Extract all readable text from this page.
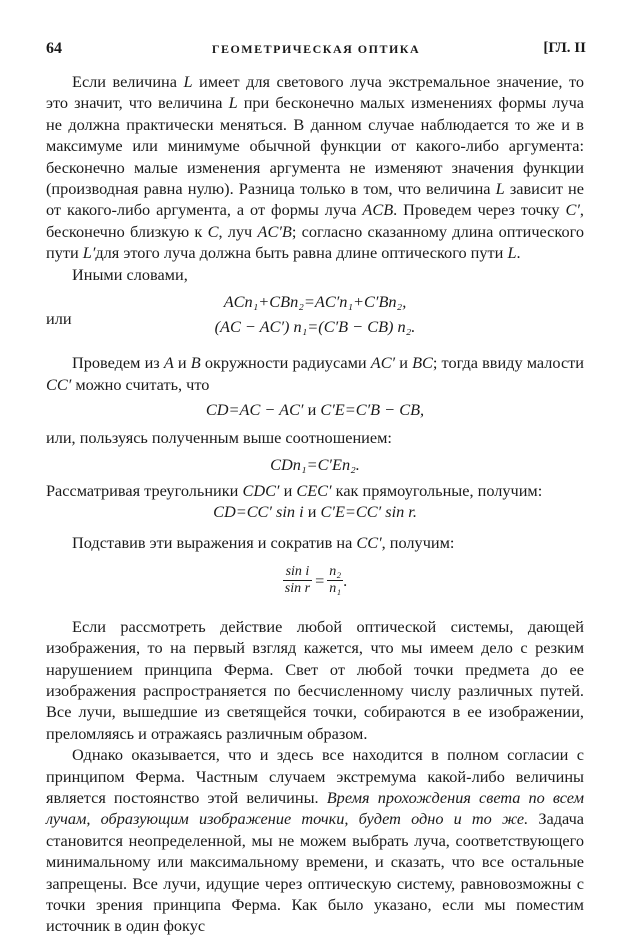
64	ГЕОМЕТРИЧЕСКАЯ ОПТИКА	[ГЛ. II

Если величина L имеет для светового луча экстремальное значение, то это значит, что величина L при бесконечно малых изменениях формы луча не должна практически меняться. В данном случае наблюдается то же и в максимуме или минимуме обычной функции от какого-либо аргумента: бесконечно малые изменения аргумента не изменяют значения функции (производная равна нулю). Разница только в том, что величина L зависит не от какого-либо аргумента, а от формы луча ACB. Проведем через точку C′, бесконечно близкую к C, луч AC′B; согласно сказанному длина оптического пути L′для этого луча должна быть равна длине оптического пути L.

Иными словами,

ACn₁+CBn₂=AC′n₁+C′Bn₂,
или	(AC − AC′) n₁=(C′B − CB) n₂.

Проведем из A и B окружности радиусами AC′ и BC; тогда ввиду малости CC′ можно считать, что

CD=AC − AC′ и C′E=C′B − CB,

или, пользуясь полученным выше соотношением:

CDn₁=C′En₂.

Рассматривая треугольники CDC′ и CEC′ как прямоугольные, получим:

CD=CC′ sin i и C′E=CC′ sin r.

Подставив эти выражения и сократив на CC′, получим:

$\frac{\text{sin i}}{\text{sin r}} = \frac{\text{n₂}}{\text{n₁}}$ .

Если рассмотреть действие любой оптической системы, дающей изображения, то на первый взгляд кажется, что мы имеем дело с резким нарушением принципа Ферма. Свет от любой точки предмета до ее изображения распространяется по бесчисленному числу различных путей. Все лучи, вышедшие из светящейся точки, собираются в ее изображении, преломляясь и отражаясь различным образом.

Однако оказывается, что и здесь все находится в полном согласии с принципом Ферма. Частным случаем экстремума какой-либо величины является постоянство этой величины. Время прохождения света по всем лучам, образующим изображение точки, будет одно и то же. Задача становится неопределенной, мы не можем выбрать луча, соответствующего минимальному или максимальному времени, и сказать, что все остальные запрещены. Все лучи, идущие через оптическую систему, равновозможны с точки зрения принципа Ферма. Как было указано, если мы поместим источник в один фокус
